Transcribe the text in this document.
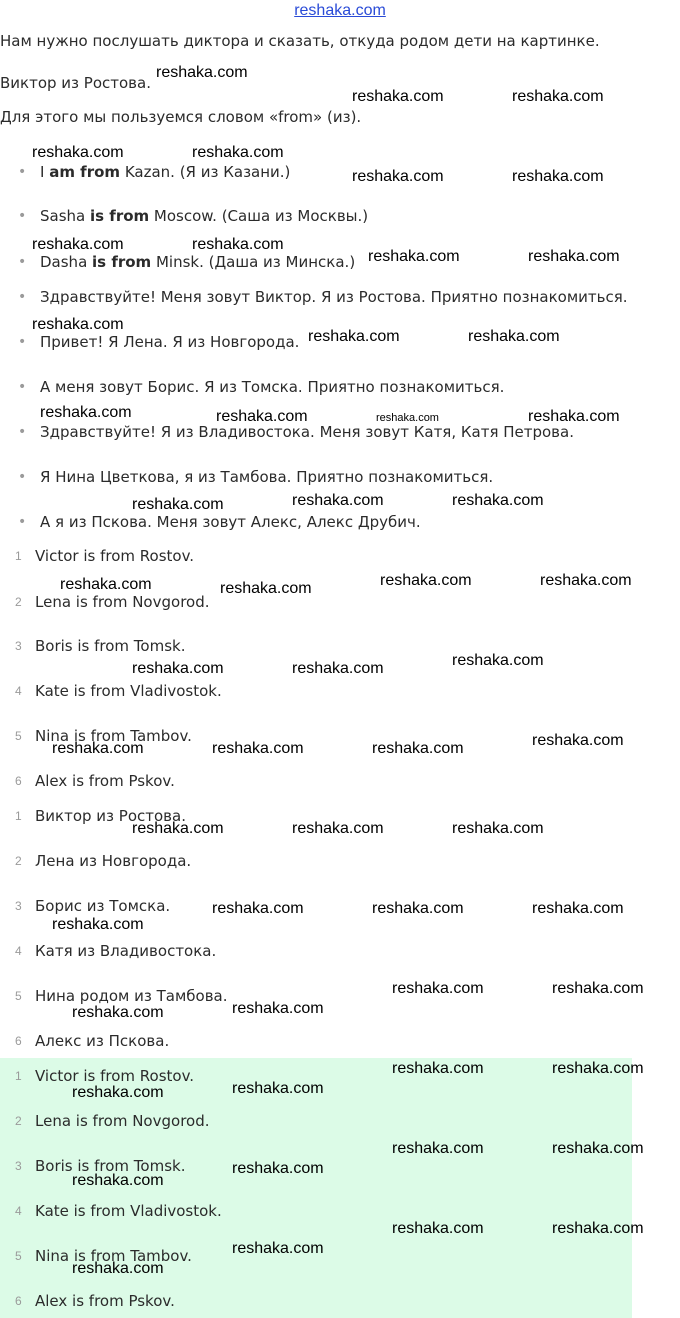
reshaka.com
Нам нужно послушать диктора и сказать, откуда родом дети на картинке.
Виктор из Ростова.
Для этого мы пользуемся словом «from» (из).
• I am from Kazan. (Я из Казани.)
• Sasha is from Moscow. (Саша из Москвы.)
• Dasha is from Minsk. (Даша из Минска.)
• Здравствуйте! Меня зовут Виктор. Я из Ростова. Приятно познакомиться.
• Привет! Я Лена. Я из Новгорода.
• А меня зовут Борис. Я из Томска. Приятно познакомиться.
• Здравствуйте! Я из Владивостока. Меня зовут Катя, Катя Петрова.
• Я Нина Цветкова, я из Тамбова. Приятно познакомиться.
• А я из Пскова. Меня зовут Алекс, Алекс Друбич.
1 Victor is from Rostov.
2 Lena is from Novgorod.
3 Boris is from Tomsk.
4 Kate is from Vladivostok.
5 Nina is from Tambov.
6 Alex is from Pskov.
1 Виктор из Ростова.
2 Лена из Новгорода.
3 Борис из Томска.
4 Катя из Владивостока.
5 Нина родом из Тамбова.
6 Алекс из Пскова.
1 Victor is from Rostov.
2 Lena is from Novgorod.
3 Boris is from Tomsk.
4 Kate is from Vladivostok.
5 Nina is from Tambov.
6 Alex is from Pskov.
reshaka.com
reshaka.com	reshaka.com
reshaka.com	reshaka.com
reshaka.com	reshaka.com
reshaka.com	reshaka.com
reshaka.com	reshaka.com
reshaka.com
reshaka.com	reshaka.com
reshaka.com	reshaka.com	reshaka.com	reshaka.com
reshaka.com	reshaka.com	reshaka.com
reshaka.com	reshaka.com	reshaka.com	reshaka.com
reshaka.com	reshaka.com	reshaka.com
reshaka.com	reshaka.com	reshaka.com	reshaka.com
reshaka.com	reshaka.com	reshaka.com
reshaka.com	reshaka.com	reshaka.com
reshaka.com
reshaka.com	reshaka.com
reshaka.com
reshaka.com
reshaka.com	reshaka.com
reshaka.com
reshaka.com
reshaka.com	reshaka.com
reshaka.com
reshaka.com
reshaka.com	reshaka.com
reshaka.com
reshaka.com
